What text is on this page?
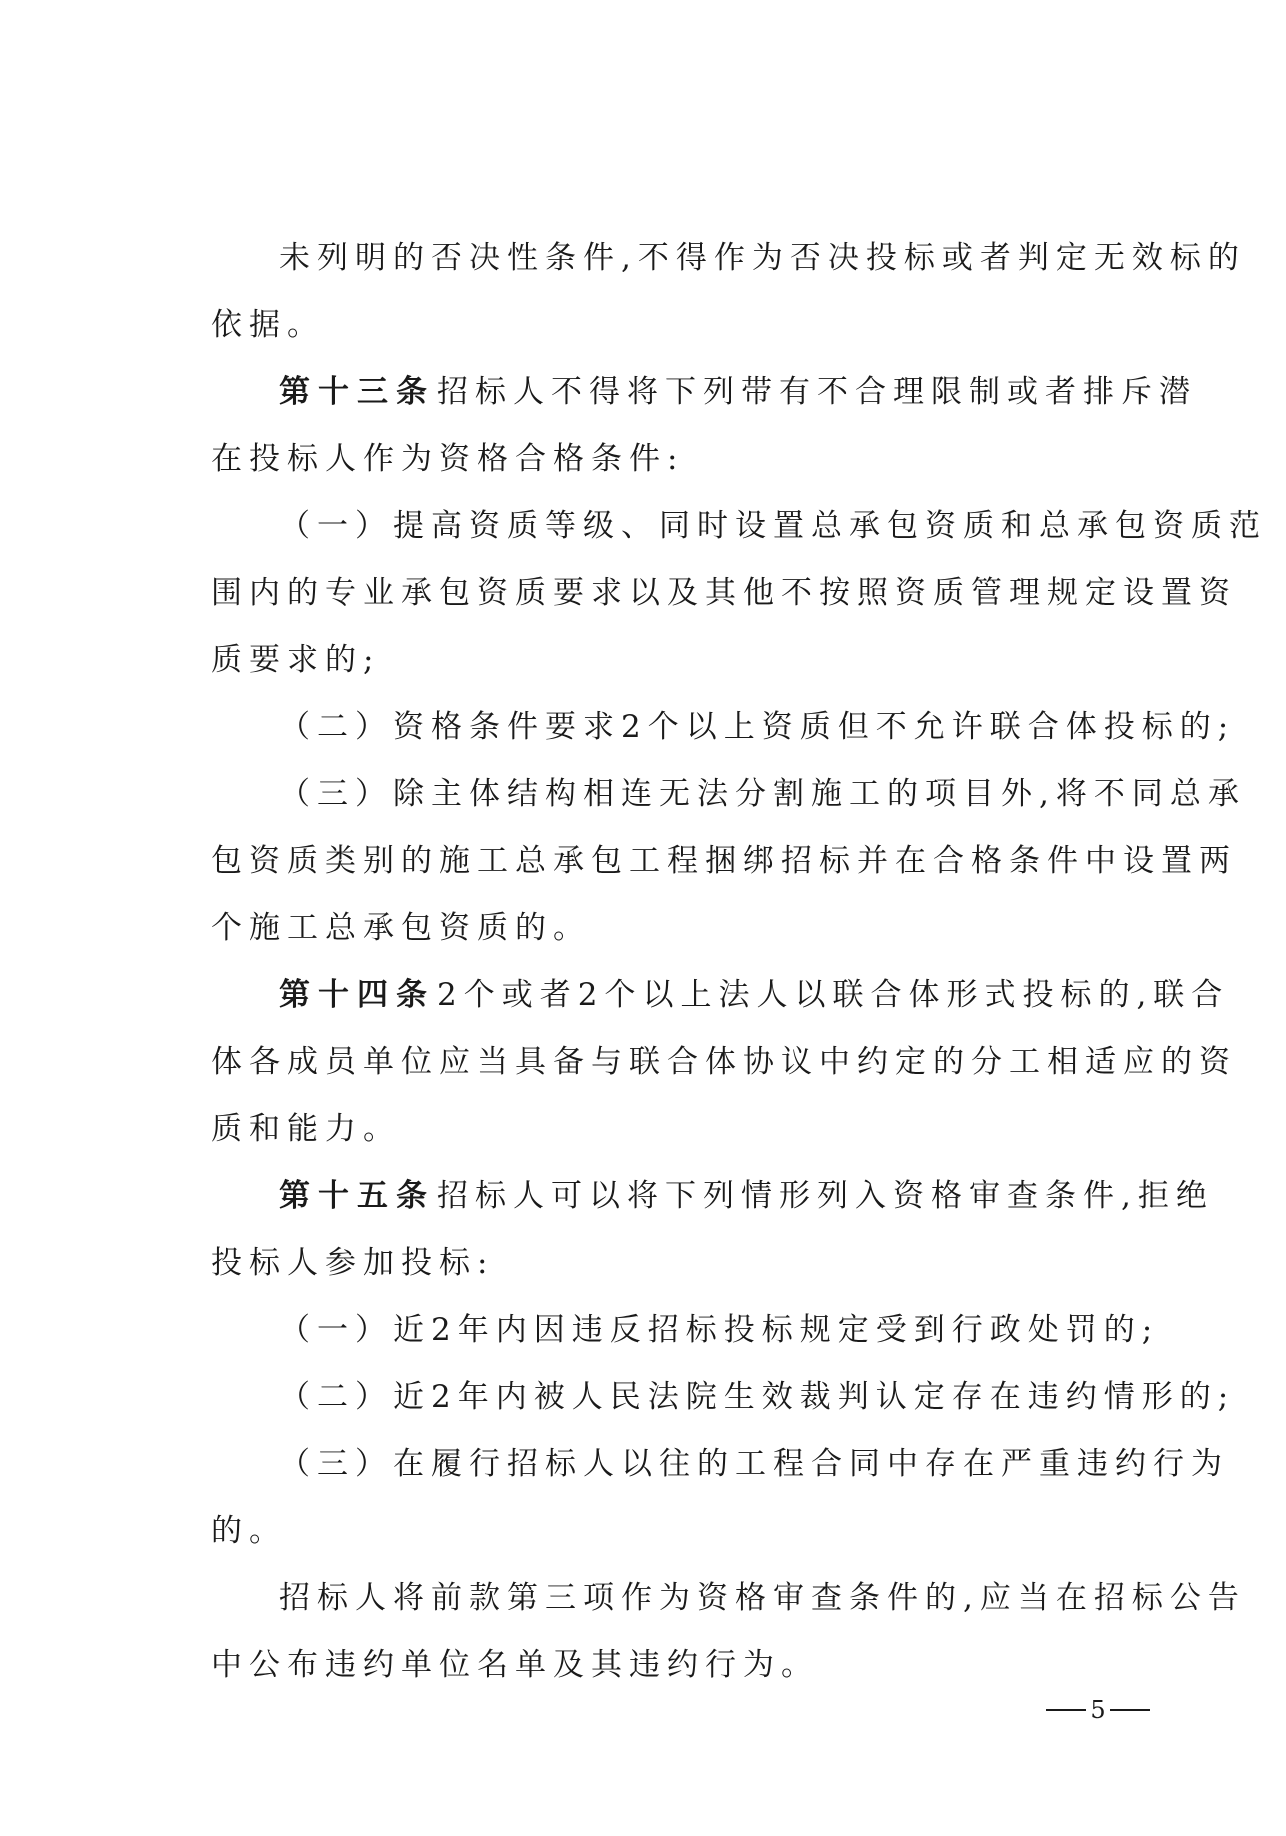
未列明的否决性条件,不得作为否决投标或者判定无效标的
依据。
第十三条招标人不得将下列带有不合理限制或者排斥潜
在投标人作为资格合格条件:
（一）提高资质等级、同时设置总承包资质和总承包资质范
围内的专业承包资质要求以及其他不按照资质管理规定设置资
质要求的;
（二）资格条件要求2个以上资质但不允许联合体投标的;
（三）除主体结构相连无法分割施工的项目外,将不同总承
包资质类别的施工总承包工程捆绑招标并在合格条件中设置两
个施工总承包资质的。
第十四条2个或者2个以上法人以联合体形式投标的,联合
体各成员单位应当具备与联合体协议中约定的分工相适应的资
质和能力。
第十五条招标人可以将下列情形列入资格审查条件,拒绝
投标人参加投标:
（一）近2年内因违反招标投标规定受到行政处罚的;
（二）近2年内被人民法院生效裁判认定存在违约情形的;
（三）在履行招标人以往的工程合同中存在严重违约行为
的。
招标人将前款第三项作为资格审查条件的,应当在招标公告
中公布违约单位名单及其违约行为。
5
